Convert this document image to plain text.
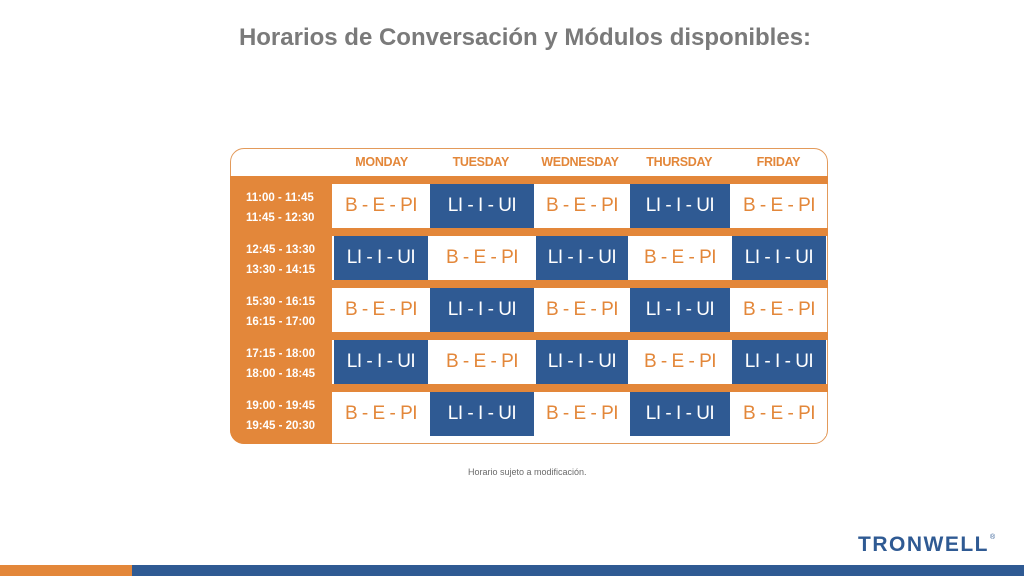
Horarios de Conversación y Módulos disponibles:
MONDAY	TUESDAY	WEDNESDAY	THURSDAY	FRIDAY
11:00 - 11:45
11:45 - 12:30
B - E - PI	LI - I - UI	B - E - PI	LI - I - UI	B - E - PI
12:45 - 13:30
13:30 - 14:15
LI - I - UI	B - E - PI	LI - I - UI	B - E - PI	LI - I - UI
15:30 - 16:15
16:15 - 17:00
B - E - PI	LI - I - UI	B - E - PI	LI - I - UI	B - E - PI
17:15 - 18:00
18:00 - 18:45
LI - I - UI	B - E - PI	LI - I - UI	B - E - PI	LI - I - UI
19:00 - 19:45
19:45 - 20:30
B - E - PI	LI - I - UI	B - E - PI	LI - I - UI	B - E - PI
Horario sujeto a modificación.
TRONWELL ®
